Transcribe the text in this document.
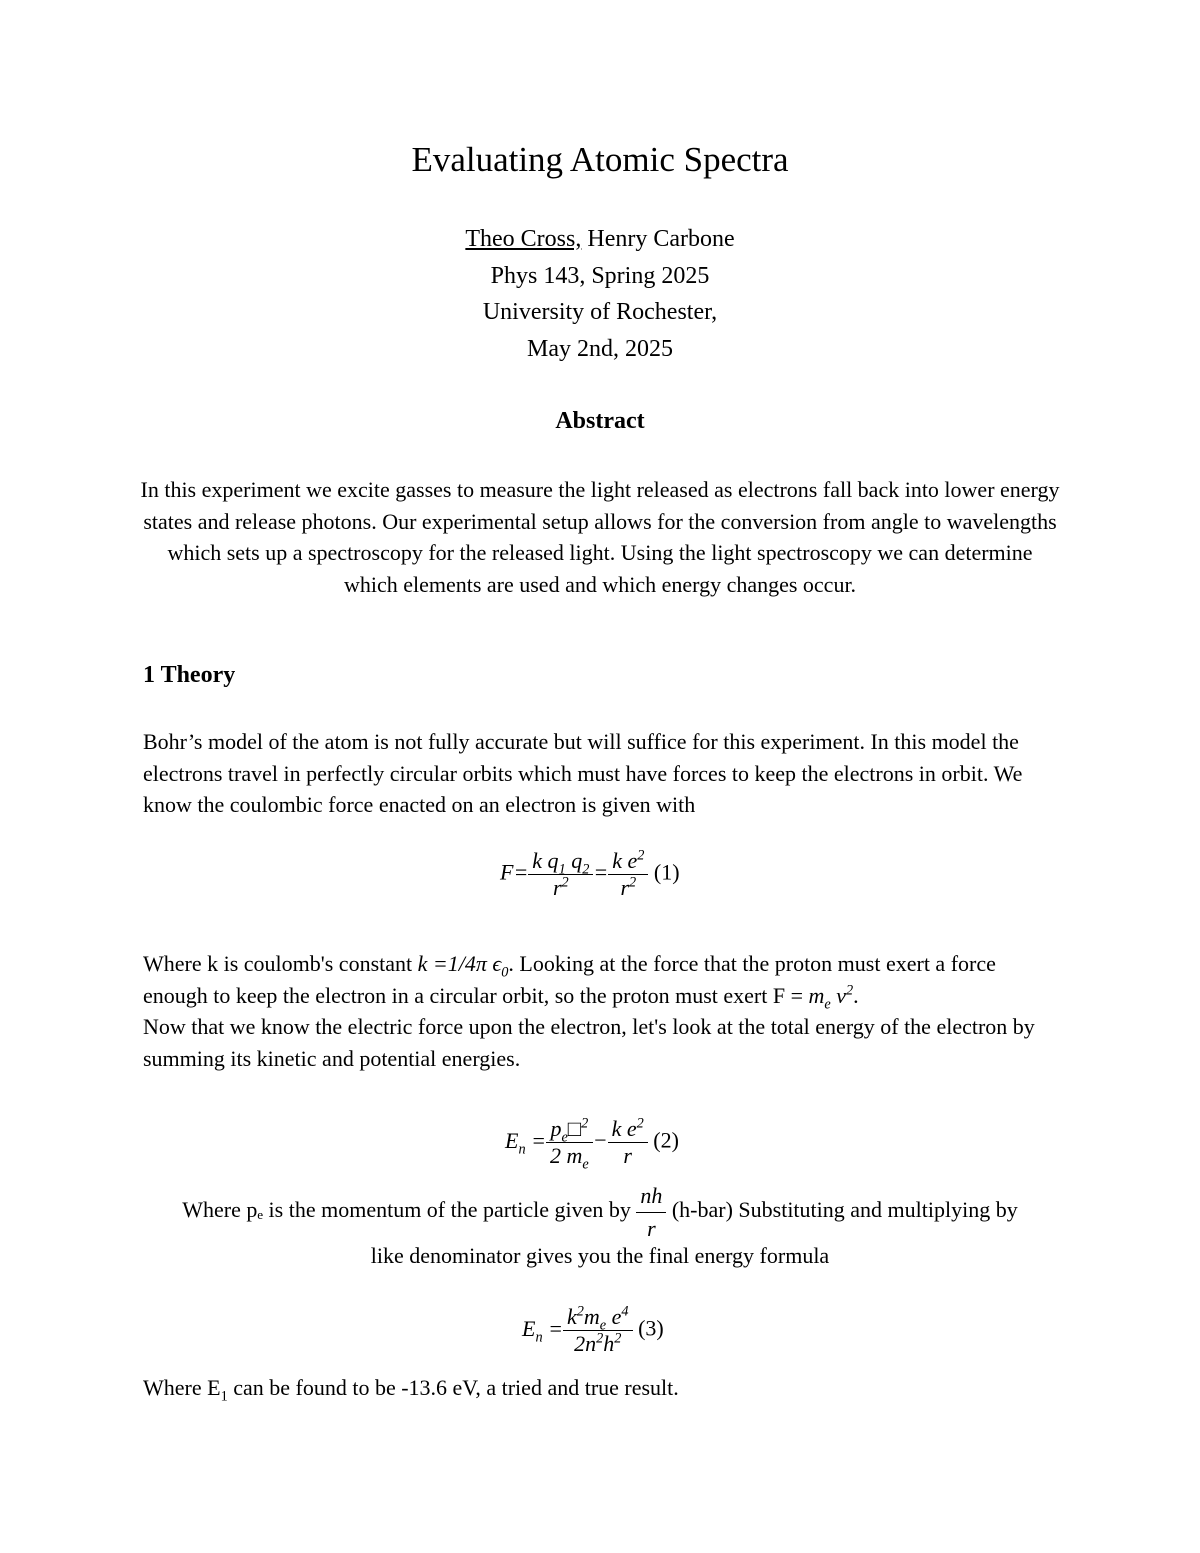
Evaluating Atomic Spectra
Theo Cross, Henry Carbone
Phys 143, Spring 2025
University of Rochester,
May 2nd, 2025
Abstract
In this experiment we excite gasses to measure the light released as electrons fall back into lower energy states and release photons. Our experimental setup allows for the conversion from angle to wavelengths which sets up a spectroscopy for the released light. Using the light spectroscopy we can determine which elements are used and which energy changes occur.
1 Theory
Bohr’s model of the atom is not fully accurate but will suffice for this experiment. In this model the electrons travel in perfectly circular orbits which must have forces to keep the electrons in orbit. We know the coulombic force enacted on an electron is given with
$F= \frac{k q_1 q_2}{r^2} = \frac{k e^2}{r^2} (1)$
Where k is coulomb's constant k =1/4π $\epsilon_0$. Looking at the force that the proton must exert a force enough to keep the electron in a circular orbit, so the proton must exert $F = m_e$ $v^2$.
Now that we know the electric force upon the electron, let's look at the total energy of the electron by summing its kinetic and potential energies.
$E_n = \frac{p_e□^2}{2 m_e} - \frac{k e^2}{r} (2)$
Where pₑ is the momentum of the particle given by $\frac{nh}{r} (h-bar)$ Substituting and multiplying by
like denominator gives you the final energy formula
$E_n = \frac{k^2m_e e^4}{2n^2h^2} (3)$
Where $E_1$ can be found to be -13.6 eV, a tried and true result.
